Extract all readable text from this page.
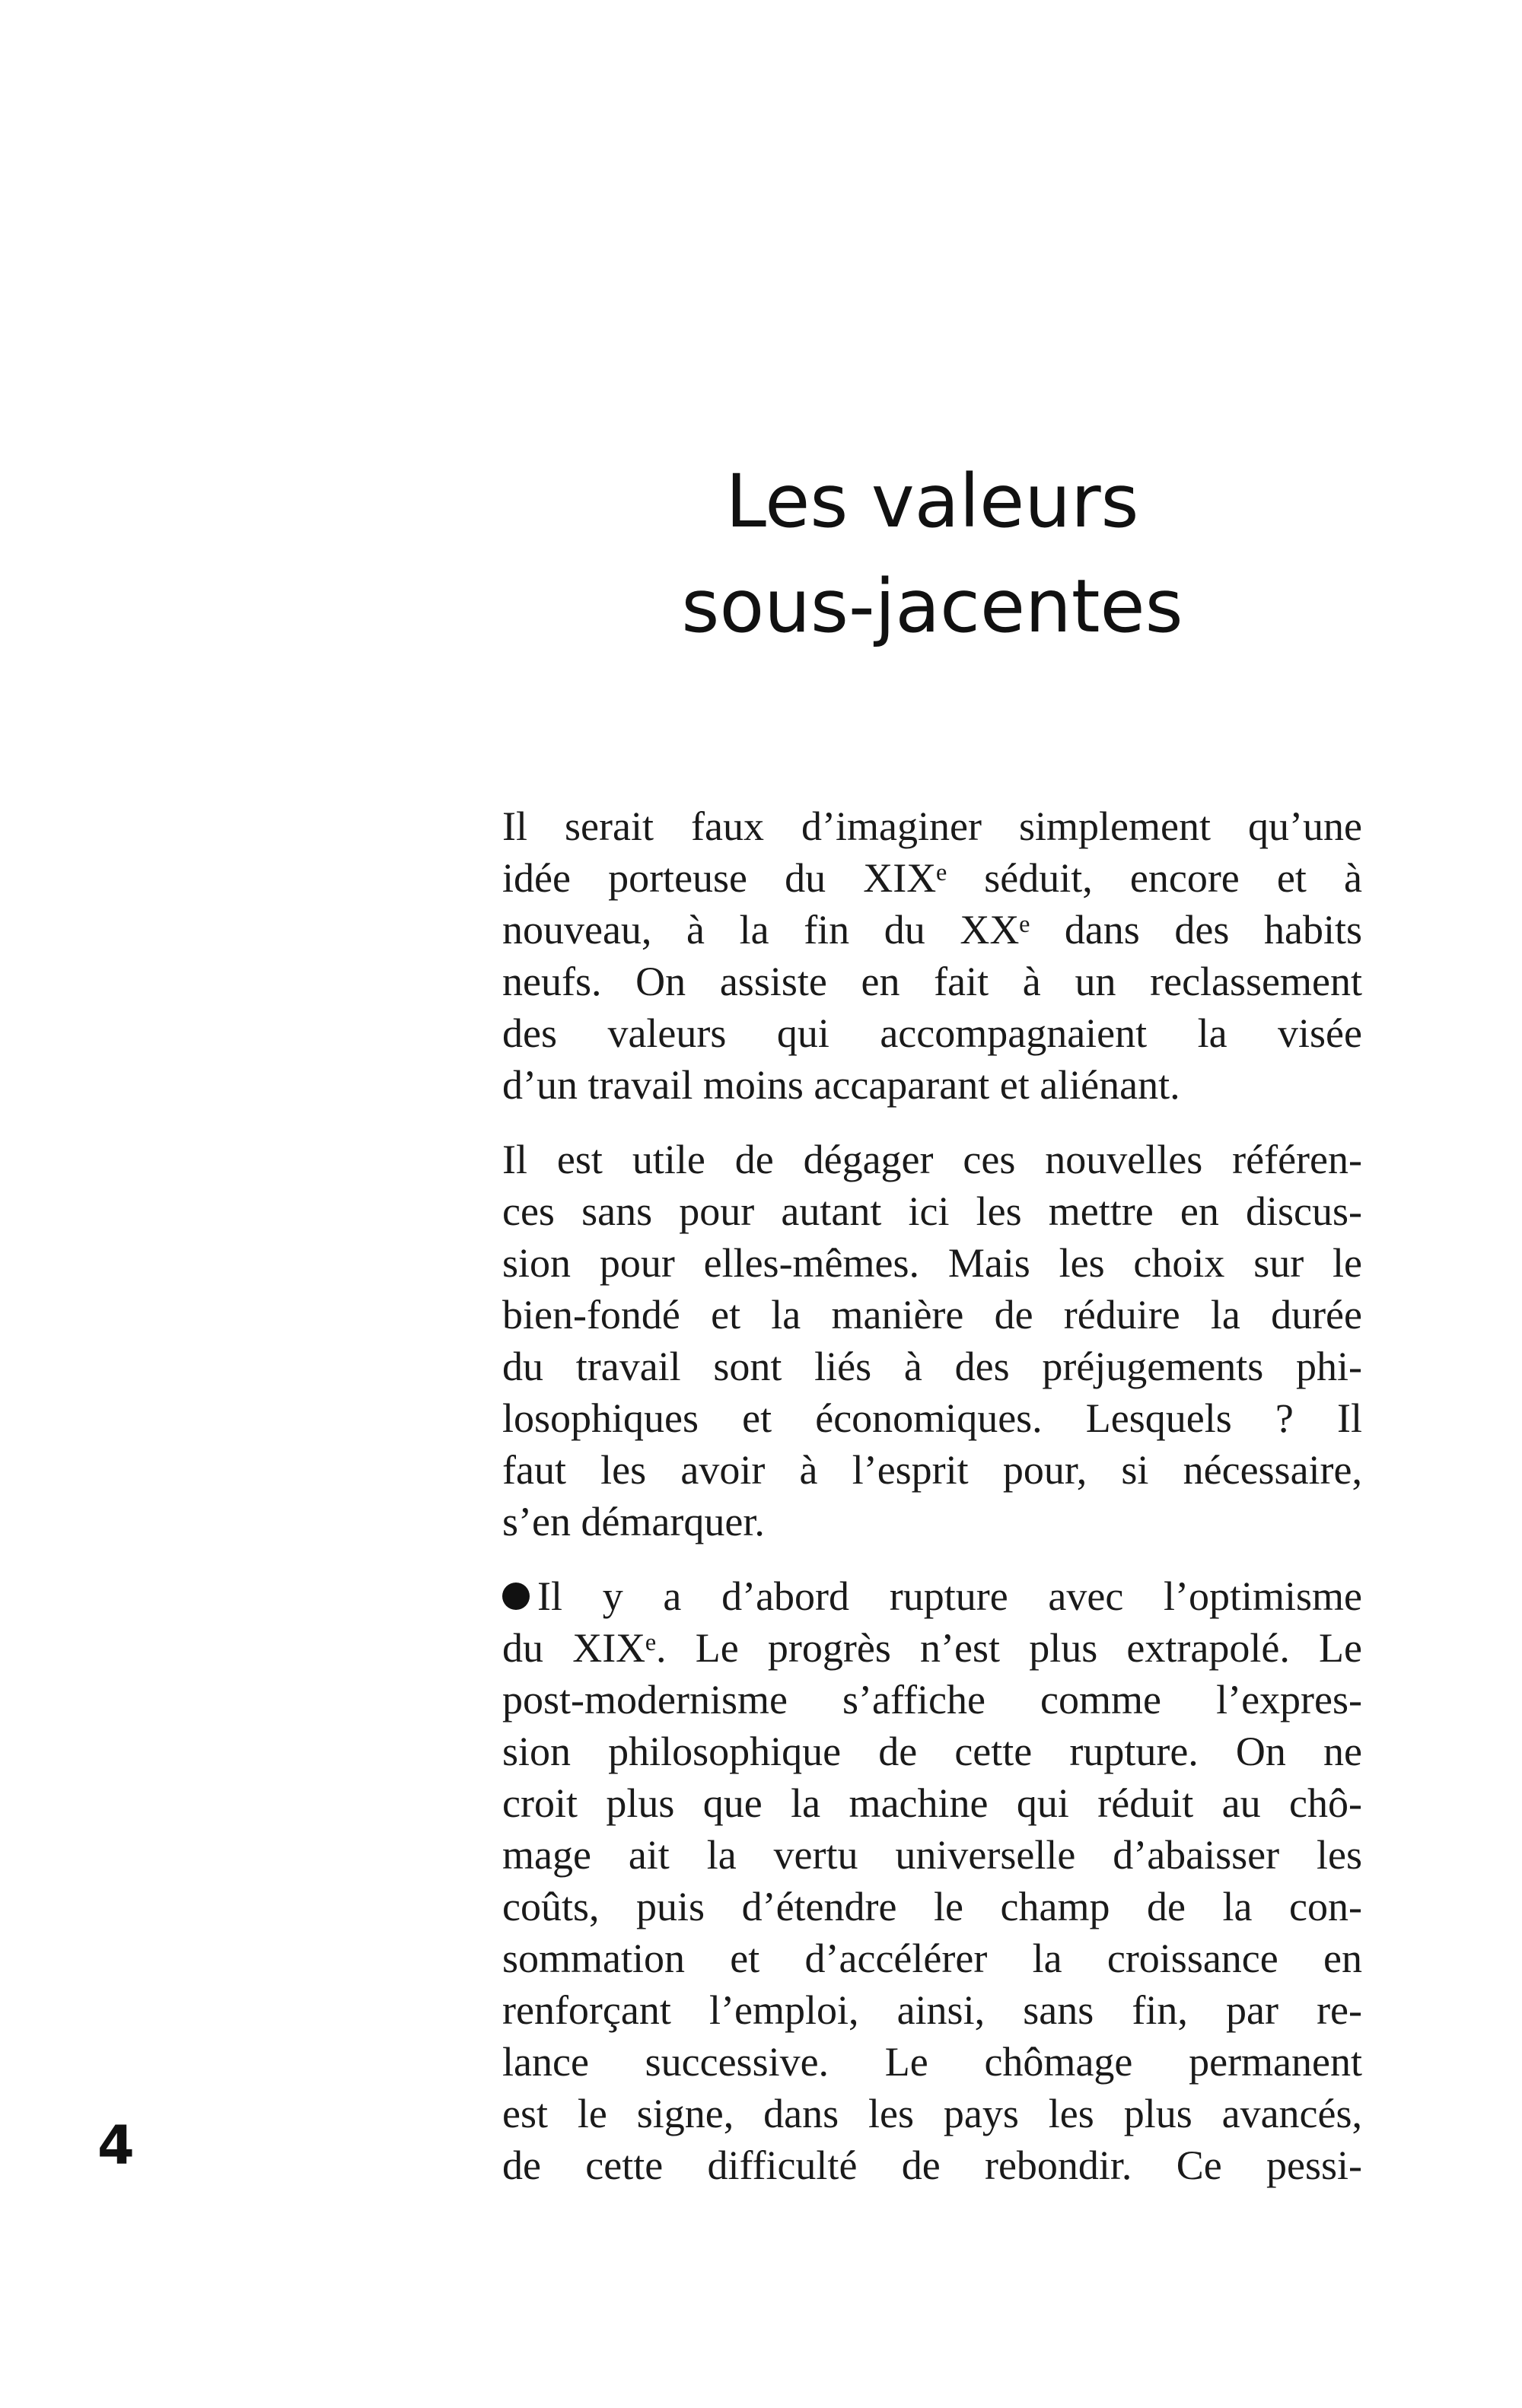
Les valeurs
sous-jacentes
Il serait faux d’imaginer simplement qu’une
idée porteuse du XIXᵉ séduit, encore et à
nouveau, à la fin du XXᵉ dans des habits
neufs. On assiste en fait à un reclassement
des valeurs qui accompagnaient la visée
d’un travail moins accaparant et aliénant.
Il est utile de dégager ces nouvelles référen-
ces sans pour autant ici les mettre en discus-
sion pour elles-mêmes. Mais les choix sur le
bien-fondé et la manière de réduire la durée
du travail sont liés à des préjugements phi-
losophiques et économiques. Lesquels ? Il
faut les avoir à l’esprit pour, si nécessaire,
s’en démarquer.
Il y a d’abord rupture avec l’optimisme
du XIXᵉ. Le progrès n’est plus extrapolé. Le
post-modernisme s’affiche comme l’expres-
sion philosophique de cette rupture. On ne
croit plus que la machine qui réduit au chô-
mage ait la vertu universelle d’abaisser les
coûts, puis d’étendre le champ de la con-
sommation et d’accélérer la croissance en
renforçant l’emploi, ainsi, sans fin, par re-
lance successive. Le chômage permanent
est le signe, dans les pays les plus avancés,
de cette difficulté de rebondir. Ce pessi-
4
